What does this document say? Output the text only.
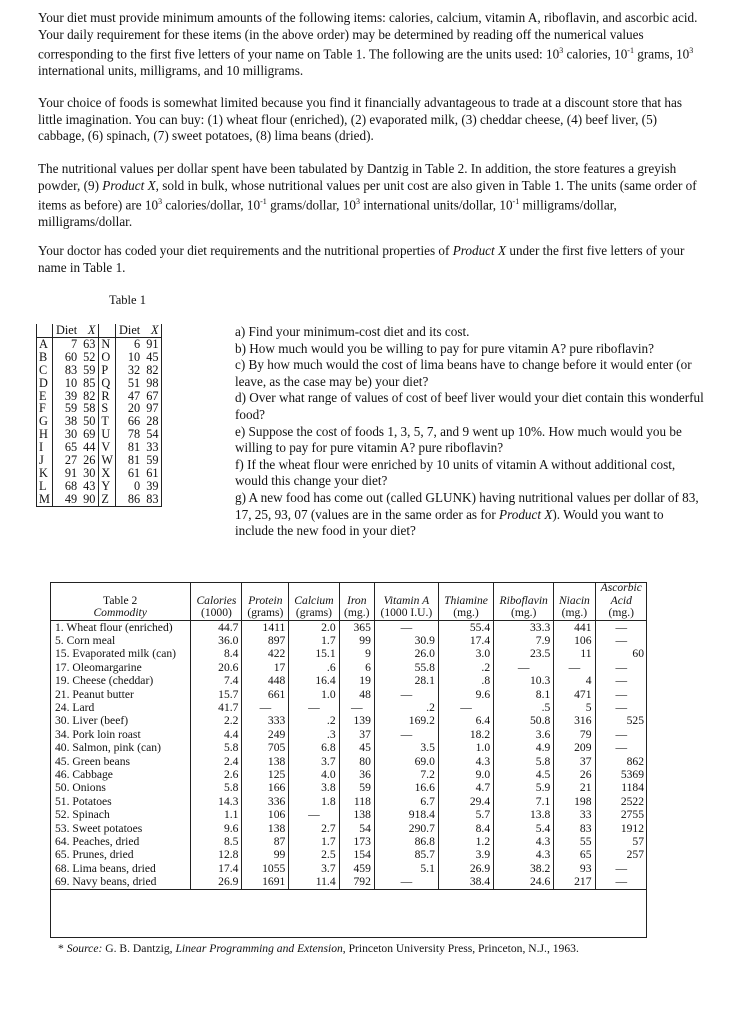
Your diet must provide minimum amounts of the following items: calories, calcium, vitamin A, riboflavin, and ascorbic acid. Your daily requirement for these items (in the above order) may be determined by reading off the numerical values corresponding to the first five letters of your name on Table 1. The following are the units used: $10^3$ calories, $10^{-1}$ grams, $10^3$ international units, milligrams, and 10 milligrams.

Your choice of foods is somewhat limited because you find it financially advantageous to trade at a discount store that has little imagination. You can buy: (1) wheat flour (enriched), (2) evaporated milk, (3) cheddar cheese, (4) beef liver, (5) cabbage, (6) spinach, (7) sweet potatoes, (8) lima beans (dried).

The nutritional values per dollar spent have been tabulated by Dantzig in Table 2. In addition, the store features a greyish powder, (9) Product X, sold in bulk, whose nutritional values per unit cost are also given in Table 1. The units (same order of items as before) are $10^3$ calories/dollar, $10^{-1}$ grams/dollar, $10^3$ international units/dollar, $10^{-1}$ milligrams/dollar, milligrams/dollar.

Your doctor has coded your diet requirements and the nutritional properties of Product X under the first five letters of your name in Table 1.

Table 1
	Diet	X		Diet	X
A	7	63	N	6	91
B	60	52	O	10	45
C	83	59	P	32	82
D	10	85	Q	51	98
E	39	82	R	47	67
F	59	58	S	20	97
G	38	50	T	66	28
H	30	69	U	78	54
I	65	44	V	81	33
J	27	26	W	81	59
K	91	30	X	61	61
L	68	43	Y	0	39
M	49	90	Z	86	83

a) Find your minimum-cost diet and its cost.

b) How much would you be willing to pay for pure vitamin A? pure riboflavin?

c) By how much would the cost of lima beans have to change before it would enter (or leave, as the case may be) your diet?

d) Over what range of values of cost of beef liver would your diet contain this wonderful food?

e) Suppose the cost of foods 1, 3, 5, 7, and 9 went up 10%. How much would you be willing to pay for pure vitamin A? pure riboflavin?

f) If the wheat flour were enriched by 10 units of vitamin A without additional cost, would this change your diet?

g) A new food has come out (called GLUNK) having nutritional values per dollar of 83, 17, 25, 93, 07 (values are in the same order as for Product X). Would you want to include the new food in your diet?

									Ascorbic
Table 2	Calories	Protein	Calcium	Iron	Vitamin A	Thiamine	Riboflavin	Niacin	Acid
Commodity	(1000)	(grams)	(grams)	(mg.)	(1000 I.U.)	(mg.)	(mg.)	(mg.)	(mg.)
1. Wheat flour (enriched)	44.7	1411	2.0	365	—	55.4	33.3	441	—
5. Corn meal	36.0	897	1.7	99	30.9	17.4	7.9	106	—
15. Evaporated milk (can)	8.4	422	15.1	9	26.0	3.0	23.5	11	60
17. Oleomargarine	20.6	17	.6	6	55.8	.2	—	—	—
19. Cheese (cheddar)	7.4	448	16.4	19	28.1	.8	10.3	4	—
21. Peanut butter	15.7	661	1.0	48	—	9.6	8.1	471	—
24. Lard	41.7	—	—	—	.2	—	.5	5	—
30. Liver (beef)	2.2	333	.2	139	169.2	6.4	50.8	316	525
34. Pork loin roast	4.4	249	.3	37	—	18.2	3.6	79	—
40. Salmon, pink (can)	5.8	705	6.8	45	3.5	1.0	4.9	209	—
45. Green beans	2.4	138	3.7	80	69.0	4.3	5.8	37	862
46. Cabbage	2.6	125	4.0	36	7.2	9.0	4.5	26	5369
50. Onions	5.8	166	3.8	59	16.6	4.7	5.9	21	1184
51. Potatoes	14.3	336	1.8	118	6.7	29.4	7.1	198	2522
52. Spinach	1.1	106	—	138	918.4	5.7	13.8	33	2755
53. Sweet potatoes	9.6	138	2.7	54	290.7	8.4	5.4	83	1912
64. Peaches, dried	8.5	87	1.7	173	86.8	1.2	4.3	55	57
65. Prunes, dried	12.8	99	2.5	154	85.7	3.9	4.3	65	257
68. Lima beans, dried	17.4	1055	3.7	459	5.1	26.9	38.2	93	—
69. Navy beans, dried	26.9	1691	11.4	792	—	38.4	24.6	217	—
* Source: G. B. Dantzig, Linear Programming and Extension, Princeton University Press, Princeton, N.J., 1963.
